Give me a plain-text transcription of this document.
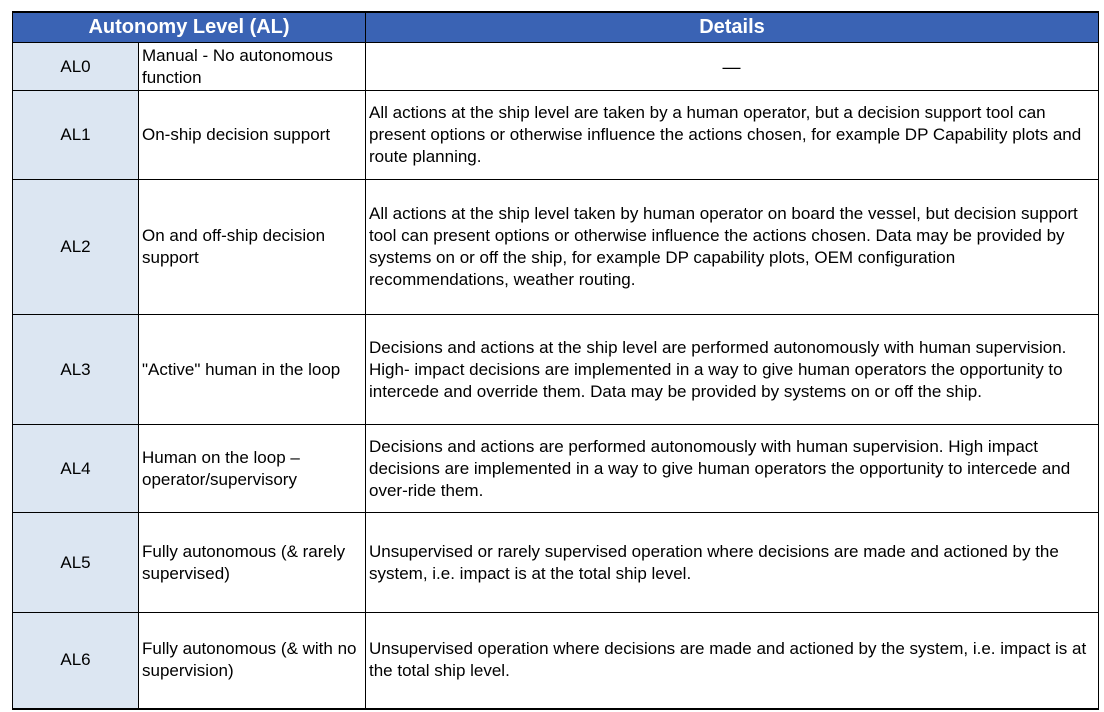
Autonomy Level (AL)		Details
AL0	Manual - No autonomous function	—
AL1	On-ship decision support	All actions at the ship level are taken by a human operator, but a decision support tool can present options or otherwise influence the actions chosen, for example DP Capability plots and route planning.
AL2	On and off-ship decision support	All actions at the ship level taken by human operator on board the vessel, but decision support tool can present options or otherwise influence the actions chosen. Data may be provided by systems on or off the ship, for example DP capability plots, OEM configuration recommendations, weather routing.
AL3	"Active" human in the loop	Decisions and actions at the ship level are performed autonomously with human supervision. High- impact decisions are implemented in a way to give human operators the opportunity to intercede and override them. Data may be provided by systems on or off the ship.
AL4	Human on the loop – operator/supervisory	Decisions and actions are performed autonomously with human supervision. High impact decisions are implemented in a way to give human operators the opportunity to intercede and over-ride them.
AL5	Fully autonomous (& rarely supervised)	Unsupervised or rarely supervised operation where decisions are made and actioned by the system, i.e. impact is at the total ship level.
AL6	Fully autonomous (& with no supervision)	Unsupervised operation where decisions are made and actioned by the system, i.e. impact is at the total ship level.
